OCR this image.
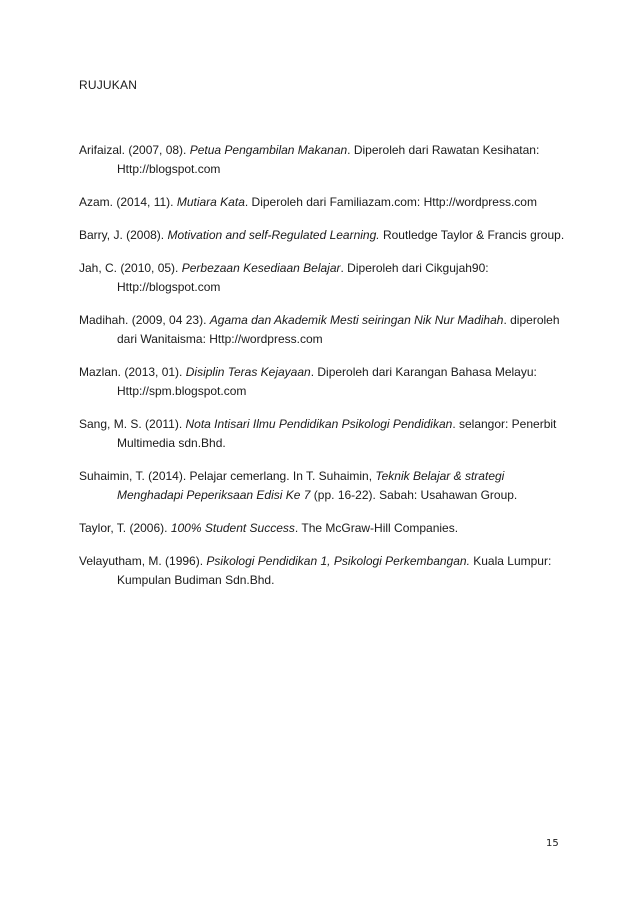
RUJUKAN

Arifaizal. (2007, 08). Petua Pengambilan Makanan. Diperoleh dari Rawatan Kesihatan: Http://blogspot.com

Azam. (2014, 11). Mutiara Kata. Diperoleh dari Familiazam.com: Http://wordpress.com

Barry, J. (2008). Motivation and self-Regulated Learning. Routledge Taylor & Francis group.

Jah, C. (2010, 05). Perbezaan Kesediaan Belajar. Diperoleh dari Cikgujah90: Http://blogspot.com

Madihah. (2009, 04 23). Agama dan Akademik Mesti seiringan Nik Nur Madihah. diperoleh dari Wanitaisma: Http://wordpress.com

Mazlan. (2013, 01). Disiplin Teras Kejayaan. Diperoleh dari Karangan Bahasa Melayu: Http://spm.blogspot.com

Sang, M. S. (2011). Nota Intisari Ilmu Pendidikan Psikologi Pendidikan. selangor: Penerbit Multimedia sdn.Bhd.

Suhaimin, T. (2014). Pelajar cemerlang. In T. Suhaimin, Teknik Belajar & strategi Menghadapi Peperiksaan Edisi Ke 7 (pp. 16-22). Sabah: Usahawan Group.

Taylor, T. (2006). 100% Student Success. The McGraw-Hill Companies.

Velayutham, M. (1996). Psikologi Pendidikan 1, Psikologi Perkembangan. Kuala Lumpur: Kumpulan Budiman Sdn.Bhd.

15
